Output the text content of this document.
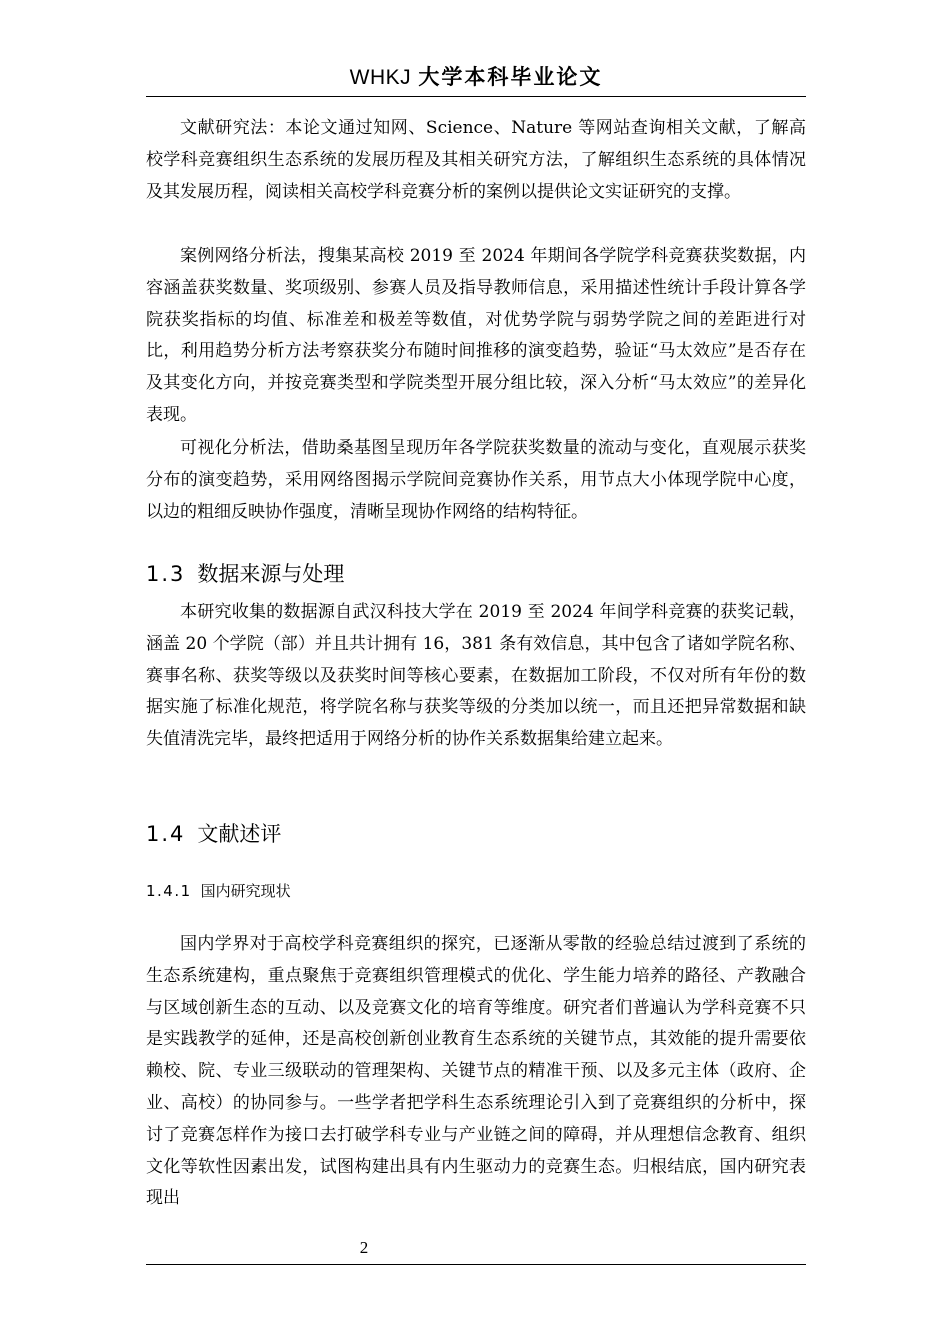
WHKJ 大学本科毕业论文

文献研究法：本论文通过知网、Science、Nature 等网站查询相关文献，了解高校学科竞赛组织生态系统的发展历程及其相关研究方法，了解组织生态系统的具体情况及其发展历程，阅读相关高校学科竞赛分析的案例以提供论文实证研究的支撑。

案例网络分析法，搜集某高校 2019 至 2024 年期间各学院学科竞赛获奖数据，内容涵盖获奖数量、奖项级别、参赛人员及指导教师信息，采用描述性统计手段计算各学院获奖指标的均值、标准差和极差等数值，对优势学院与弱势学院之间的差距进行对比，利用趋势分析方法考察获奖分布随时间推移的演变趋势，验证“马太效应”是否存在及其变化方向，并按竞赛类型和学院类型开展分组比较，深入分析“马太效应”的差异化表现。

可视化分析法，借助桑基图呈现历年各学院获奖数量的流动与变化，直观展示获奖分布的演变趋势，采用网络图揭示学院间竞赛协作关系，用节点大小体现学院中心度，以边的粗细反映协作强度，清晰呈现协作网络的结构特征。

1.3 数据来源与处理

本研究收集的数据源自武汉科技大学在 2019 至 2024 年间学科竞赛的获奖记载，涵盖 20 个学院（部）并且共计拥有 16，381 条有效信息，其中包含了诸如学院名称、赛事名称、获奖等级以及获奖时间等核心要素，在数据加工阶段，不仅对所有年份的数据实施了标准化规范，将学院名称与获奖等级的分类加以统一，而且还把异常数据和缺失值清洗完毕，最终把适用于网络分析的协作关系数据集给建立起来。

1.4 文献述评
1.4.1 国内研究现状

国内学界对于高校学科竞赛组织的探究，已逐渐从零散的经验总结过渡到了系统的生态系统建构，重点聚焦于竞赛组织管理模式的优化、学生能力培养的路径、产教融合与区域创新生态的互动、以及竞赛文化的培育等维度。研究者们普遍认为学科竞赛不只是实践教学的延伸，还是高校创新创业教育生态系统的关键节点，其效能的提升需要依赖校、院、专业三级联动的管理架构、关键节点的精准干预、以及多元主体（政府、企业、高校）的协同参与。一些学者把学科生态系统理论引入到了竞赛组织的分析中，探讨了竞赛怎样作为接口去打破学科专业与产业链之间的障碍，并从理想信念教育、组织文化等软性因素出发，试图构建出具有内生驱动力的竞赛生态。归根结底，国内研究表现出

2
